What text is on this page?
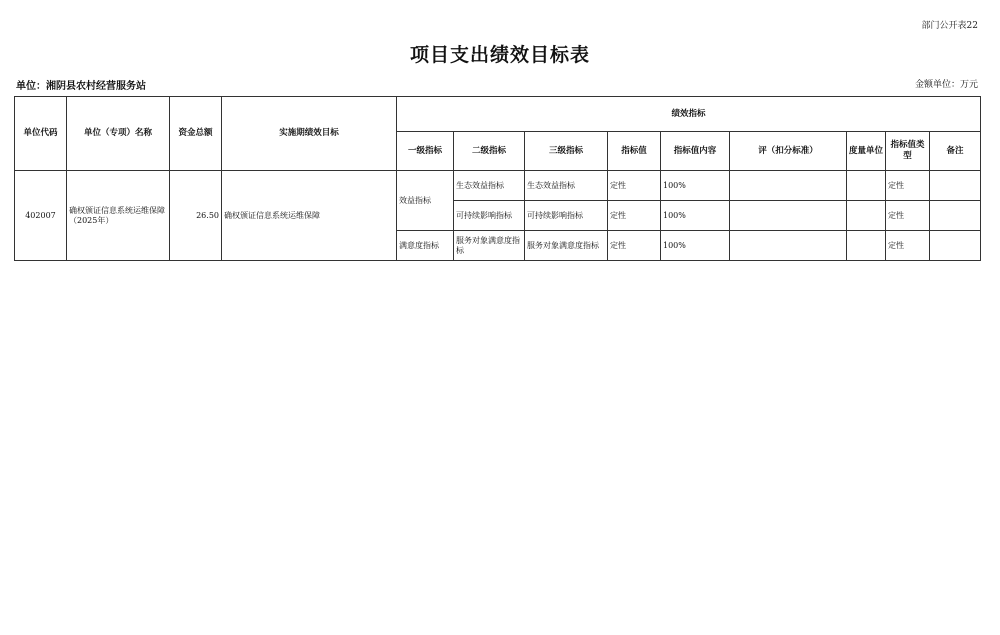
部门公开表22
项目支出绩效目标表
单位：湘阴县农村经营服务站	金额单位：万元
单位代码	单位（专项）名称	资金总额	实施期绩效目标	绩效指标								
				一级指标	二级指标	三级指标	指标值	指标值内容	评（扣分标准）	度量单位	指标值类型	备注
402007	确权颁证信息系统运维保障（2025年）	26.50	确权颁证信息系统运维保障	效益指标	生态效益指标	生态效益指标	定性	100%			定性	
					可持续影响指标	可持续影响指标	定性	100%			定性	
				满意度指标	服务对象满意度指标	服务对象满意度指标	定性	100%			定性	
